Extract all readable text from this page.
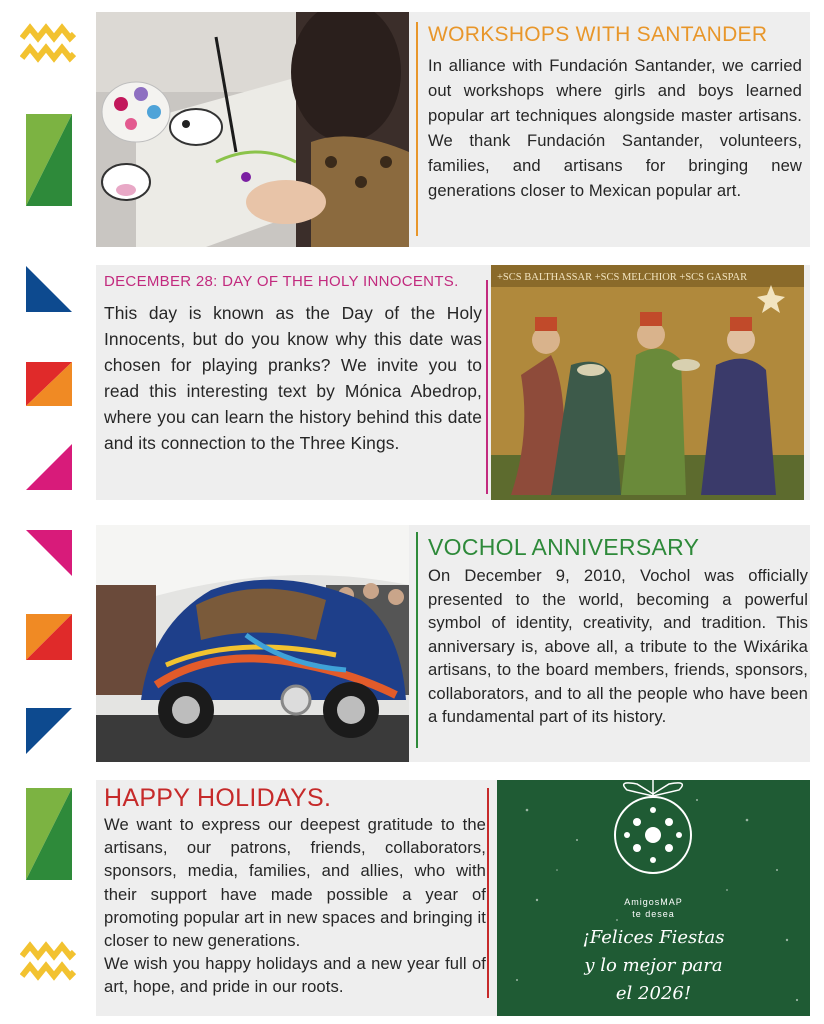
WORKSHOPS WITH SANTANDER

In alliance with Fundación Santander, we carried out workshops where girls and boys learned popular art techniques alongside master artisans. We thank Fundación Santander, volunteers, families, and artisans for bringing new generations closer to Mexican popular art.

+SCS BALTHASSAR +SCS MELCHIOR +SCS GASPAR
DECEMBER 28: DAY OF THE HOLY INNOCENTS.

This day is known as the Day of the Holy Innocents, but do you know why this date was chosen for playing pranks? We invite you to read this interesting text by Mónica Abedrop, where you can learn the history behind this date and its connection to the Three Kings.

VOCHOL ANNIVERSARY

On December 9, 2010, Vochol was officially presented to the world, becoming a powerful symbol of identity, creativity, and tradition. This anniversary is, above all, a tribute to the Wixárika artisans, to the board members, friends, sponsors, collaborators, and to all the people who have been a fundamental part of its history.

AmigosMAP
te desea
¡Felices Fiestas
y lo mejor para
el 2026!
HAPPY HOLIDAYS.

We want to express our deepest gratitude to the artisans, our patrons, friends, collaborators, sponsors, media, families, and allies, who with their support have made possible a year of promoting popular art in new spaces and bringing it closer to new generations.

We wish you happy holidays and a new year full of art, hope, and pride in our roots.
